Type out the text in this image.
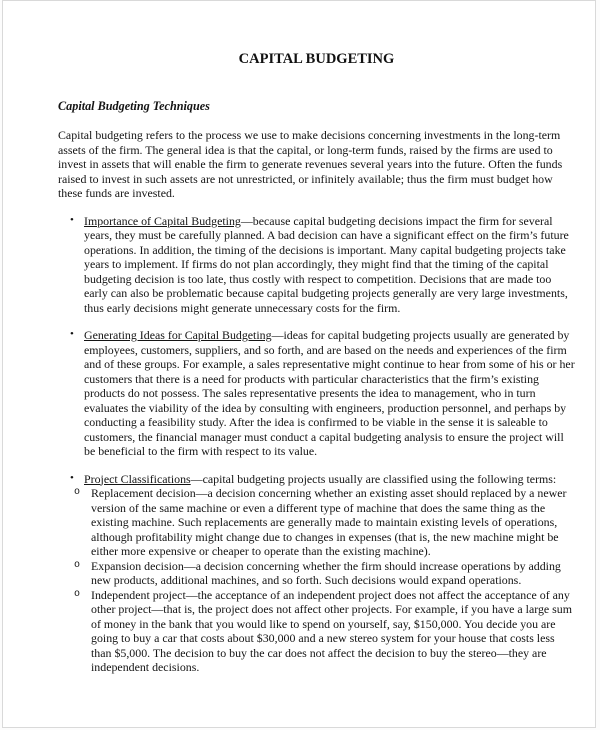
CAPITAL BUDGETING
Capital Budgeting Techniques

Capital budgeting refers to the process we use to make decisions concerning investments in the long-term assets of the firm. The general idea is that the capital, or long-term funds, raised by the firms are used to invest in assets that will enable the firm to generate revenues several years into the future. Often the funds raised to invest in such assets are not unrestricted, or infinitely available; thus the firm must budget how these funds are invested.

• Importance of Capital Budgeting—because capital budgeting decisions impact the firm for several years, they must be carefully planned. A bad decision can have a significant effect on the firm’s future operations. In addition, the timing of the decisions is important. Many capital budgeting projects take years to implement. If firms do not plan accordingly, they might find that the timing of the capital budgeting decision is too late, thus costly with respect to competition. Decisions that are made too early can also be problematic because capital budgeting projects generally are very large investments, thus early decisions might generate unnecessary costs for the firm.
• Generating Ideas for Capital Budgeting—ideas for capital budgeting projects usually are generated by employees, customers, suppliers, and so forth, and are based on the needs and experiences of the firm and of these groups. For example, a sales representative might continue to hear from some of his or her customers that there is a need for products with particular characteristics that the firm’s existing products do not possess. The sales representative presents the idea to management, who in turn evaluates the viability of the idea by consulting with engineers, production personnel, and perhaps by conducting a feasibility study. After the idea is confirmed to be viable in the sense it is saleable to customers, the financial manager must conduct a capital budgeting analysis to ensure the project will be beneficial to the firm with respect to its value.
• Project Classifications—capital budgeting projects usually are classified using the following terms:
o Replacement decision—a decision concerning whether an existing asset should replaced by a newer version of the same machine or even a different type of machine that does the same thing as the existing machine. Such replacements are generally made to maintain existing levels of operations, although profitability might change due to changes in expenses (that is, the new machine might be either more expensive or cheaper to operate than the existing machine).
o Expansion decision—a decision concerning whether the firm should increase operations by adding new products, additional machines, and so forth. Such decisions would expand operations.
o Independent project—the acceptance of an independent project does not affect the acceptance of any other project—that is, the project does not affect other projects. For example, if you have a large sum of money in the bank that you would like to spend on yourself, say, $150,000. You decide you are going to buy a car that costs about $30,000 and a new stereo system for your house that costs less than $5,000. The decision to buy the car does not affect the decision to buy the stereo—they are independent decisions.
